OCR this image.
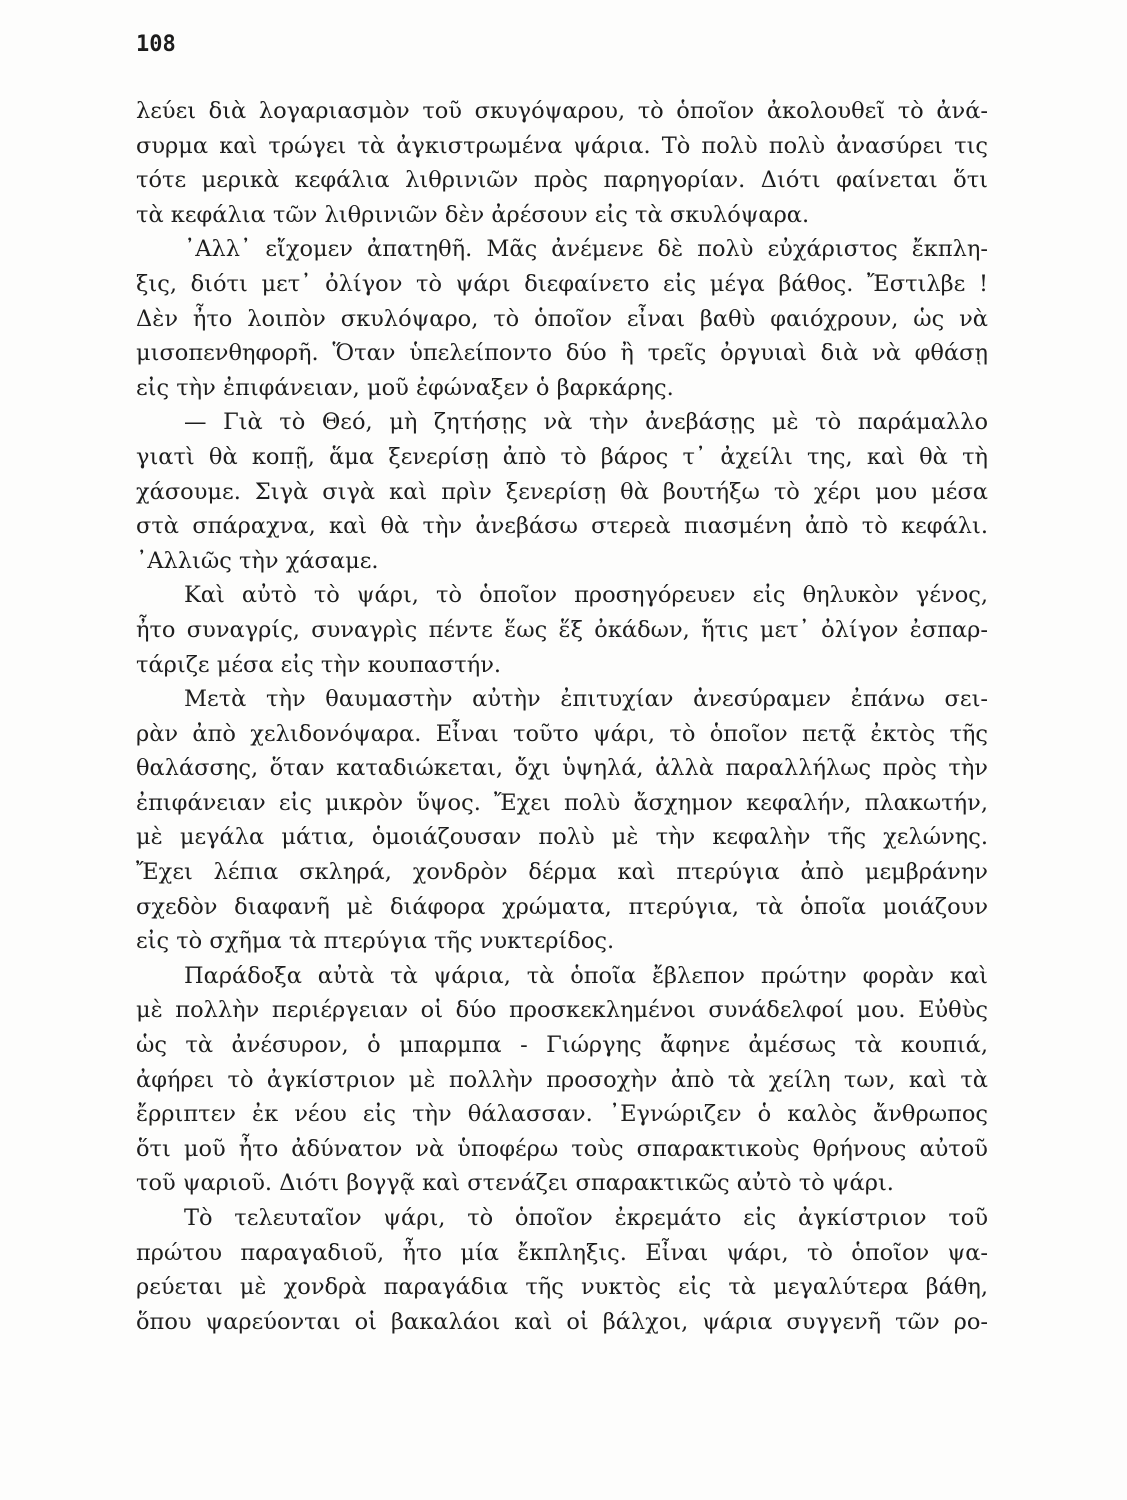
108
λεύει διὰ λογαριασμὸν τοῦ σκυγόψαρου, τὸ ὁποῖον ἀκολουθεῖ τὸ ἀνά-
συρμα καὶ τρώγει τὰ ἀγκιστρωμένα ψάρια. Τὸ πολὺ πολὺ ἀνασύρει τις
τότε μερικὰ κεφάλια λιθρινιῶν πρὸς παρηγορίαν. Διότι φαίνεται ὅτι
τὰ κεφάλια τῶν λιθρινιῶν δὲν ἀρέσουν εἰς τὰ σκυλόψαρα.
᾿Αλλ᾿ εἴχομεν ἀπατηθῆ. Μᾶς ἀνέμενε δὲ πολὺ εὐχάριστος ἔκπλη-
ξις, διότι μετ᾿ ὀλίγον τὸ ψάρι διεφαίνετο εἰς μέγα βάθος. Ἔστιλβε !
Δὲν ἦτο λοιπὸν σκυλόψαρο, τὸ ὁποῖον εἶναι βαθὺ φαιόχρουν, ὡς νὰ
μισοπενθηφορῆ. Ὅταν ὑπελείποντο δύο ἢ τρεῖς ὀργυιαὶ διὰ νὰ φθάσῃ
εἰς τὴν ἐπιφάνειαν, μοῦ ἐφώναξεν ὁ βαρκάρης.
— Γιὰ τὸ Θεό, μὴ ζητήσῃς νὰ τὴν ἀνεβάσῃς μὲ τὸ παράμαλλο
γιατὶ θὰ κοπῇ, ἅμα ξενερίσῃ ἀπὸ τὸ βάρος τ᾿ ἀχείλι της, καὶ θὰ τὴ
χάσουμε. Σιγὰ σιγὰ καὶ πρὶν ξενερίσῃ θὰ βουτήξω τὸ χέρι μου μέσα
στὰ σπάραχνα, καὶ θὰ τὴν ἀνεβάσω στερεὰ πιασμένη ἀπὸ τὸ κεφάλι.
᾿Αλλιῶς τὴν χάσαμε.
Καὶ αὐτὸ τὸ ψάρι, τὸ ὁποῖον προσηγόρευεν εἰς θηλυκὸν γένος,
ἦτο συναγρίς, συναγρὶς πέντε ἕως ἕξ ὀκάδων, ἥτις μετ᾿ ὀλίγον ἐσπαρ-
τάριζε μέσα εἰς τὴν κουπαστήν.
Μετὰ τὴν θαυμαστὴν αὐτὴν ἐπιτυχίαν ἀνεσύραμεν ἐπάνω σει-
ρὰν ἀπὸ χελιδονόψαρα. Εἶναι τοῦτο ψάρι, τὸ ὁποῖον πετᾷ ἐκτὸς τῆς
θαλάσσης, ὅταν καταδιώκεται, ὄχι ὑψηλά, ἀλλὰ παραλλήλως πρὸς τὴν
ἐπιφάνειαν εἰς μικρὸν ὕψος. Ἔχει πολὺ ἄσχημον κεφαλήν, πλακωτήν,
μὲ μεγάλα μάτια, ὁμοιάζουσαν πολὺ μὲ τὴν κεφαλὴν τῆς χελώνης.
Ἔχει λέπια σκληρά, χονδρὸν δέρμα καὶ πτερύγια ἀπὸ μεμβράνην
σχεδὸν διαφανῆ μὲ διάφορα χρώματα, πτερύγια, τὰ ὁποῖα μοιάζουν
εἰς τὸ σχῆμα τὰ πτερύγια τῆς νυκτερίδος.
Παράδοξα αὐτὰ τὰ ψάρια, τὰ ὁποῖα ἔβλεπον πρώτην φορὰν καὶ
μὲ πολλὴν περιέργειαν οἱ δύο προσκεκλημένοι συνάδελφοί μου. Εὐθὺς
ὡς τὰ ἀνέσυρον, ὁ μπαρμπα - Γιώργης ἄφηνε ἀμέσως τὰ κουπιά,
ἀφήρει τὸ ἀγκίστριον μὲ πολλὴν προσοχὴν ἀπὸ τὰ χείλη των, καὶ τὰ
ἔρριπτεν ἐκ νέου εἰς τὴν θάλασσαν. ᾿Εγνώριζεν ὁ καλὸς ἄνθρωπος
ὅτι μοῦ ἦτο ἀδύνατον νὰ ὑποφέρω τοὺς σπαρακτικοὺς θρήνους αὐτοῦ
τοῦ ψαριοῦ. Διότι βογγᾷ καὶ στενάζει σπαρακτικῶς αὐτὸ τὸ ψάρι.
Τὸ τελευταῖον ψάρι, τὸ ὁποῖον ἐκρεμάτο εἰς ἀγκίστριον τοῦ
πρώτου παραγαδιοῦ, ἦτο μία ἔκπληξις. Εἶναι ψάρι, τὸ ὁποῖον ψα-
ρεύεται μὲ χονδρὰ παραγάδια τῆς νυκτὸς εἰς τὰ μεγαλύτερα βάθη,
ὅπου ψαρεύονται οἱ βακαλάοι καὶ οἱ βάλχοι, ψάρια συγγενῆ τῶν ρο-
